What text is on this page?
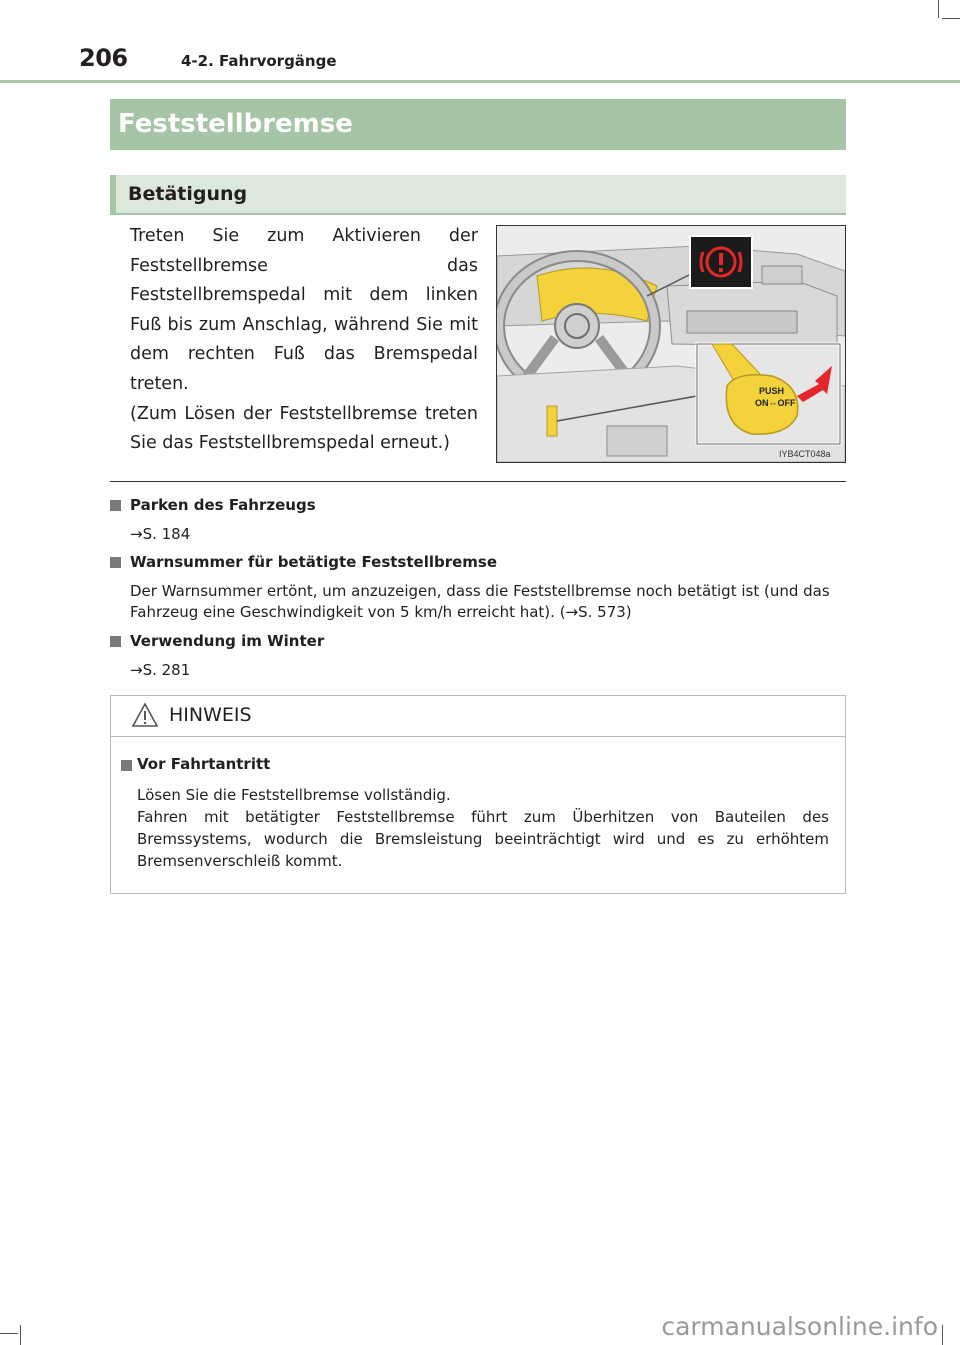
206	4-2. Fahrvorgänge
Feststellbremse
Betätigung

Treten Sie zum Aktivieren der Feststellbremse das Feststellbremspedal mit dem linken Fuß bis zum Anschlag, während Sie mit dem rechten Fuß das Bremspedal treten.

(Zum Lösen der Feststellbremse treten Sie das Feststellbremspedal erneut.)

PUSH
ON⇔OFF
IYB4CT048a
Parken des Fahrzeugs
→S. 184
Warnsummer für betätigte Feststellbremse
Der Warnsummer ertönt, um anzuzeigen, dass die Feststellbremse noch betätigt ist (und das Fahrzeug eine Geschwindigkeit von 5 km/h erreicht hat). (→S. 573)
Verwendung im Winter
→S. 281
HINWEIS
Vor Fahrtantritt

Lösen Sie die Feststellbremse vollständig.

Fahren mit betätigter Feststellbremse führt zum Überhitzen von Bauteilen des Bremssystems, wodurch die Bremsleistung beeinträchtigt wird und es zu erhöhtem Bremsenverschleiß kommt.

carmanualsonline.info
